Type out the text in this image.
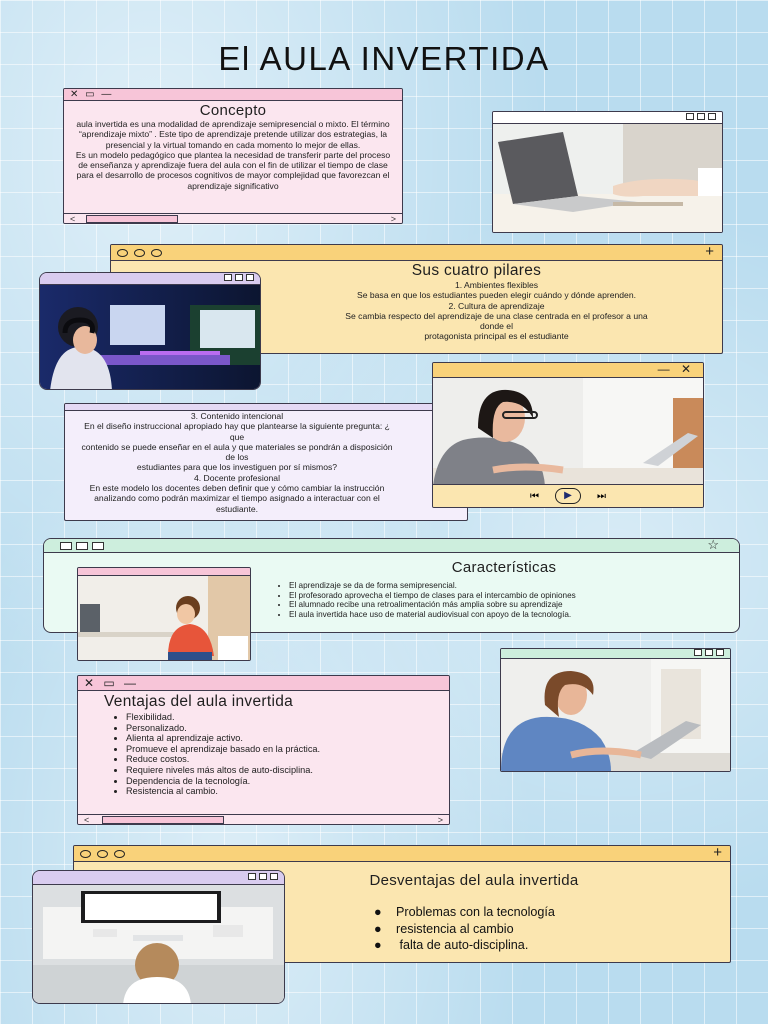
El AULA INVERTIDA
✕ ▭ —
Concepto
aula invertida es una modalidad de aprendizaje semipresencial o mixto. El término “aprendizaje mixto” . Este tipo de aprendizaje pretende utilizar dos estrategias, la presencial y la virtual tomando en cada momento lo mejor de ellas.
Es un modelo pedagógico que plantea la necesidad de transferir parte del proceso de enseñanza y aprendizaje fuera del aula con el fin de utilizar el tiempo de clase para el desarrollo de procesos cognitivos de mayor complejidad que favorezcan el aprendizaje significativo
<	>
+
Sus cuatro pilares
1. Ambientes flexibles
Se basa en que los estudiantes pueden elegir cuándo y dónde aprenden.
2. Cultura de aprendizaje
Se cambia respecto del aprendizaje de una clase centrada en el profesor a una donde el
protagonista principal es el estudiante
3. Contenido intencional
En el diseño instruccional apropiado hay que plantearse la siguiente pregunta: ¿ que
contenido se puede enseñar en el aula y que materiales se pondrán a disposición de los
estudiantes para que los investiguen por sí mismos?
4. Docente profesional
En este modelo los docentes deben definir que y cómo cambiar la instrucción
analizando como podrán maximizar el tiempo asignado a interactuar con el estudiante.
— ✕
⏮	▶	⏭
☆
Características
• El aprendizaje se da de forma semipresencial.
• El profesorado aprovecha el tiempo de clases para el intercambio de opiniones
• El alumnado recibe una retroalimentación más amplia sobre su aprendizaje
• El aula invertida hace uso de material audiovisual con apoyo de la tecnología.
✕ ▭ —
Ventajas del aula invertida
• Flexibilidad.
• Personalizado.
• Alienta al aprendizaje activo.
• Promueve el aprendizaje basado en la práctica.
• Reduce costos.
• Requiere niveles más altos de auto-disciplina.
• Dependencia de la tecnología.
• Resistencia al cambio.
<	>
+
Desventajas del aula invertida
● Problemas con la tecnología
● resistencia al cambio
● falta de auto-disciplina.
